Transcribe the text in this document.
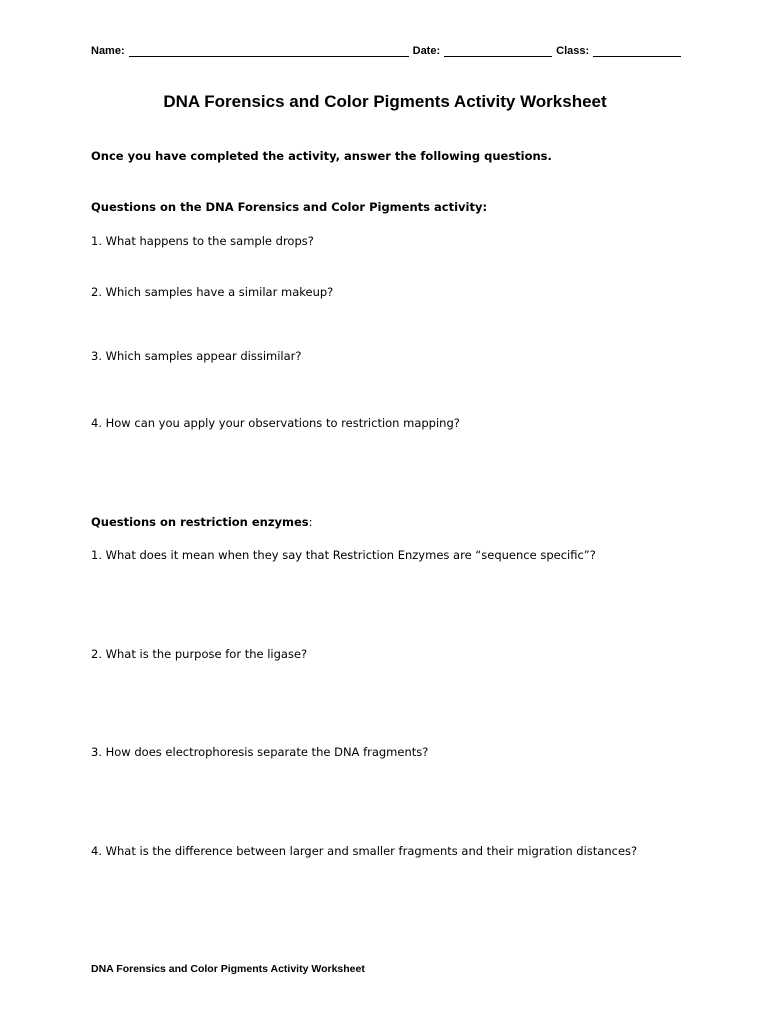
Name:	Date:	Class:
DNA Forensics and Color Pigments Activity Worksheet
Once you have completed the activity, answer the following questions.
Questions on the DNA Forensics and Color Pigments activity:
1. What happens to the sample drops?
2. Which samples have a similar makeup?
3. Which samples appear dissimilar?
4. How can you apply your observations to restriction mapping?
Questions on restriction enzymes:
1. What does it mean when they say that Restriction Enzymes are “sequence specific”?
2. What is the purpose for the ligase?
3. How does electrophoresis separate the DNA fragments?
4. What is the difference between larger and smaller fragments and their migration distances?
DNA Forensics and Color Pigments Activity Worksheet
